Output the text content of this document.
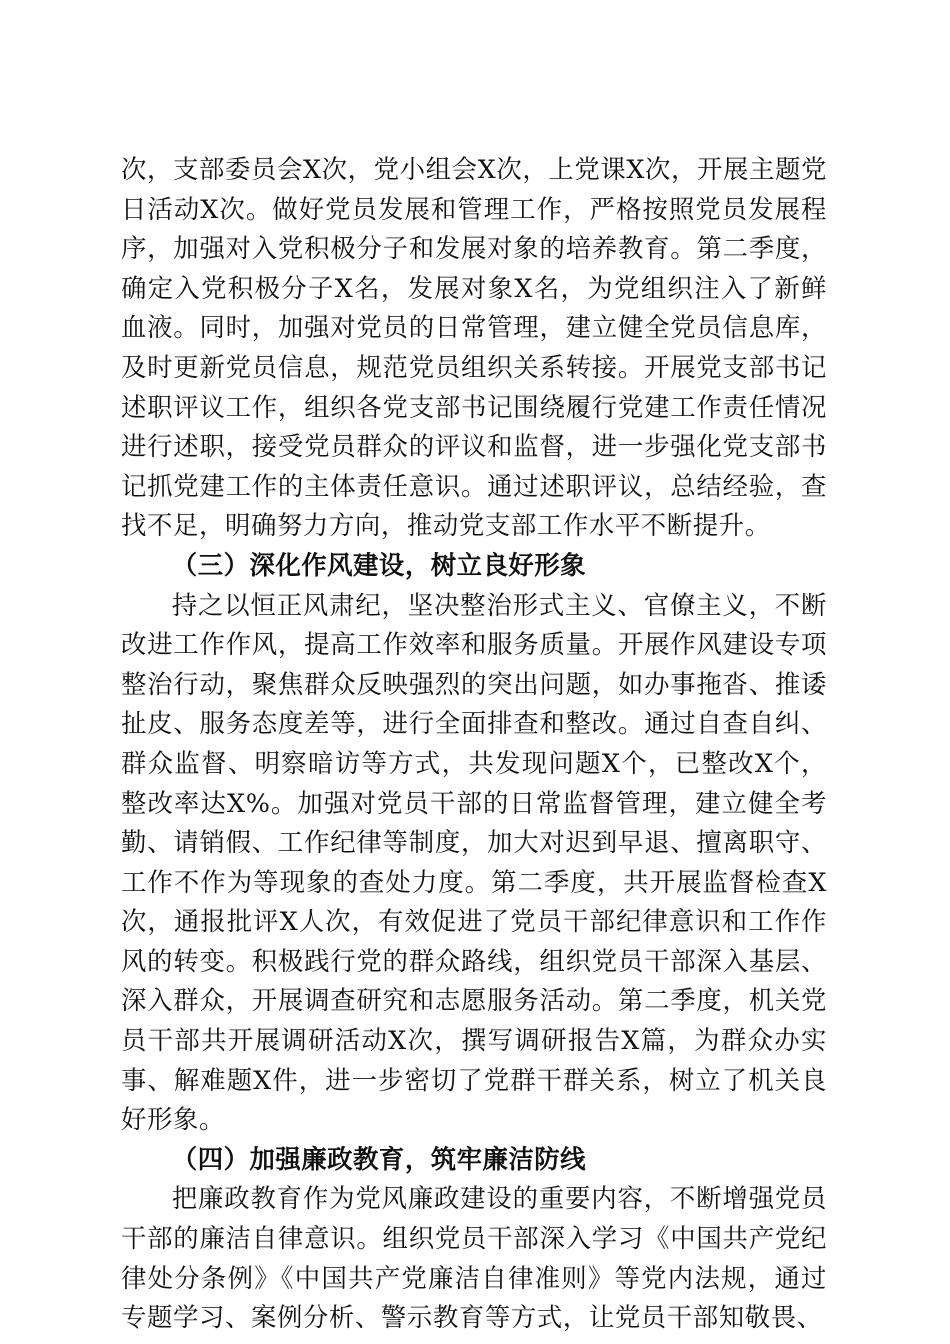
次，支部委员会X次，党小组会X次，上党课X次，开展主题党日活动X次。做好党员发展和管理工作，严格按照党员发展程序，加强对入党积极分子和发展对象的培养教育。第二季度，确定入党积极分子X名，发展对象X名，为党组织注入了新鲜血液。同时，加强对党员的日常管理，建立健全党员信息库，及时更新党员信息，规范党员组织关系转接。开展党支部书记述职评议工作，组织各党支部书记围绕履行党建工作责任情况进行述职，接受党员群众的评议和监督，进一步强化党支部书记抓党建工作的主体责任意识。通过述职评议，总结经验，查找不足，明确努力方向，推动党支部工作水平不断提升。

（三）深化作风建设，树立良好形象

持之以恒正风肃纪，坚决整治形式主义、官僚主义，不断改进工作作风，提高工作效率和服务质量。开展作风建设专项整治行动，聚焦群众反映强烈的突出问题，如办事拖沓、推诿扯皮、服务态度差等，进行全面排查和整改。通过自查自纠、群众监督、明察暗访等方式，共发现问题X个，已整改X个，整改率达X%。加强对党员干部的日常监督管理，建立健全考勤、请销假、工作纪律等制度，加大对迟到早退、擅离职守、工作不作为等现象的查处力度。第二季度，共开展监督检查X次，通报批评X人次，有效促进了党员干部纪律意识和工作作风的转变。积极践行党的群众路线，组织党员干部深入基层、深入群众，开展调查研究和志愿服务活动。第二季度，机关党员干部共开展调研活动X次，撰写调研报告X篇，为群众办实事、解难题X件，进一步密切了党群干群关系，树立了机关良好形象。

（四）加强廉政教育，筑牢廉洁防线

把廉政教育作为党风廉政建设的重要内容，不断增强党员干部的廉洁自律意识。组织党员干部深入学习《中国共产党纪律处分条例》《中国共产党廉洁自律准则》等党内法规，通过专题学习、案例分析、警示教育等方式，让党员干部知敬畏、
